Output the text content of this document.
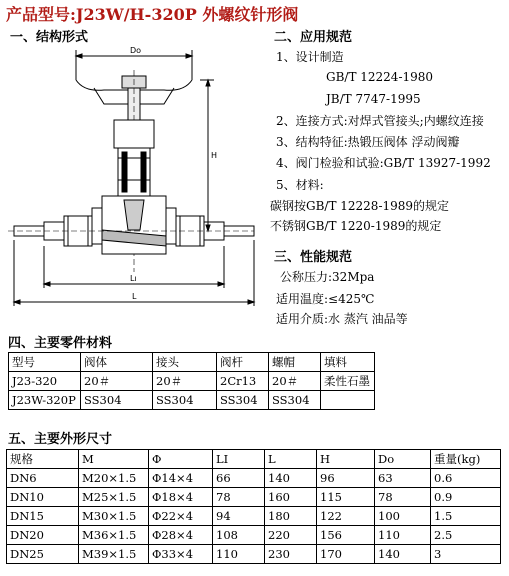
产品型号:J23W/H-320P 外螺纹针形阀
一、结构形式	二、应用规范
Do
H
Lı
L
1、设计制造
GB/T 12224-1980
JB/T 7747-1995
2、连接方式:对焊式管接头;内螺纹连接
3、结构特征:热锻压阀体 浮动阀瓣
4、阀门检验和试验:GB/T 13927-1992
5、材料:
碳钢按GB/T 12228-1989的规定
不锈钢GB/T 1220-1989的规定
三、性能规范
公称压力:32Mpa
适用温度:≤425℃
适用介质:水 蒸汽 油品等
四、主要零件材料
型号	阀体	接头	阀杆	螺帽	填料
J23-320	20＃	20＃	2Cr13	20＃	柔性石墨
J23W-320P	SS304	SS304	SS304	SS304	
五、主要外形尺寸
规格	M	Φ	LI	L	H	Do	重量(kg)
DN6	M20×1.5	Φ14×4	66	140	96	63	0.6
DN10	M25×1.5	Φ18×4	78	160	115	78	0.9
DN15	M30×1.5	Φ22×4	94	180	122	100	1.5
DN20	M36×1.5	Φ28×4	108	220	156	110	2.5
DN25	M39×1.5	Φ33×4	110	230	170	140	3
